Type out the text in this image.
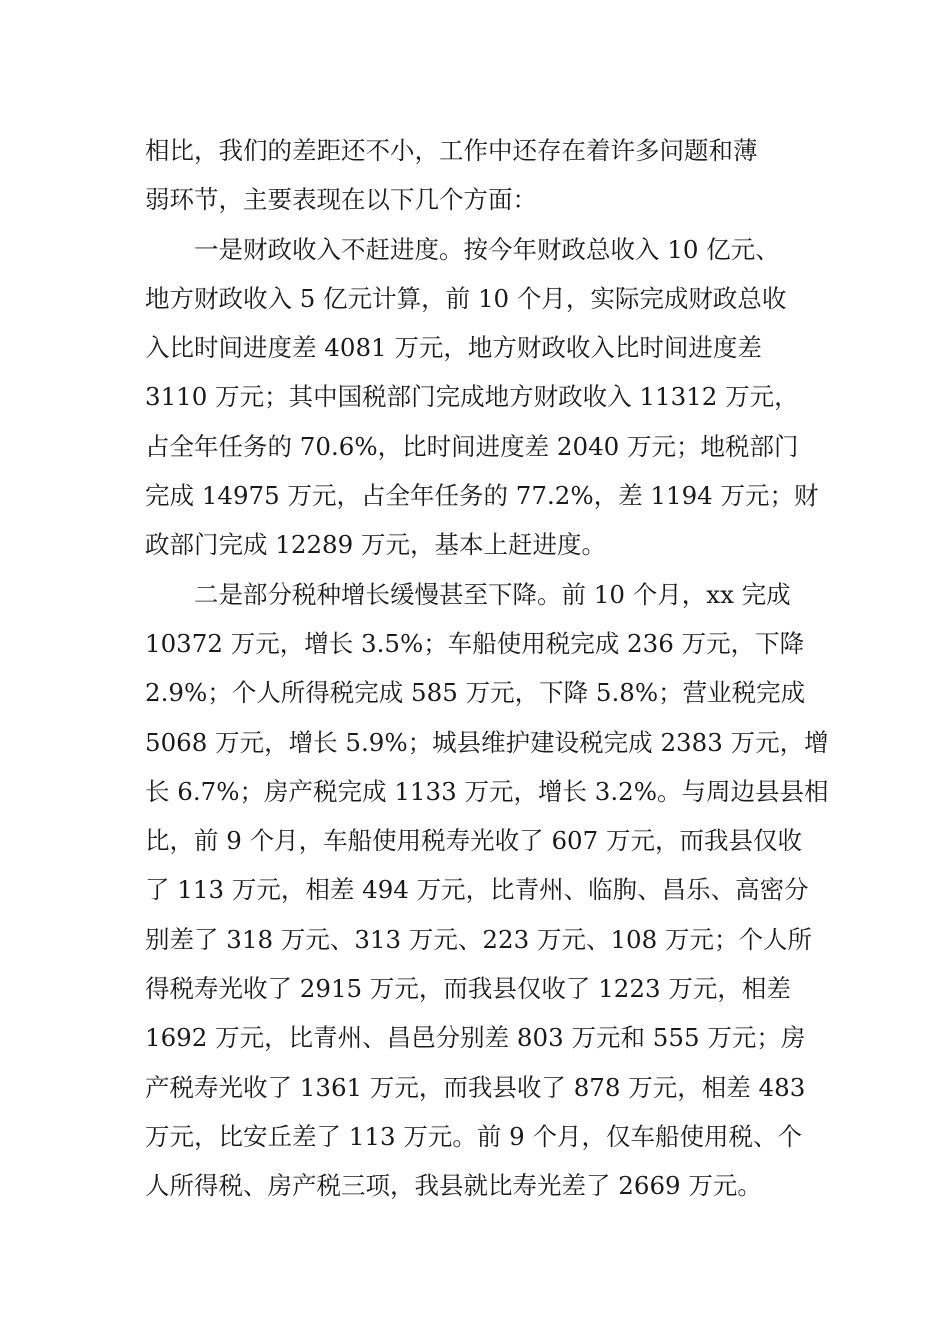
相比，我们的差距还不小，工作中还存在着许多问题和薄
弱环节，主要表现在以下几个方面：
一是财政收入不赶进度。按今年财政总收入 10 亿元、
地方财政收入 5 亿元计算，前 10 个月，实际完成财政总收
入比时间进度差 4081 万元，地方财政收入比时间进度差
3110 万元；其中国税部门完成地方财政收入 11312 万元，
占全年任务的 70.6%，比时间进度差 2040 万元；地税部门
完成 14975 万元，占全年任务的 77.2%，差 1194 万元；财
政部门完成 12289 万元，基本上赶进度。
二是部分税种增长缓慢甚至下降。前 10 个月，xx 完成
10372 万元，增长 3.5%；车船使用税完成 236 万元，下降
2.9%；个人所得税完成 585 万元，下降 5.8%；营业税完成
5068 万元，增长 5.9%；城县维护建设税完成 2383 万元，增
长 6.7%；房产税完成 1133 万元，增长 3.2%。与周边县县相
比，前 9 个月，车船使用税寿光收了 607 万元，而我县仅收
了 113 万元，相差 494 万元，比青州、临朐、昌乐、高密分
别差了 318 万元、313 万元、223 万元、108 万元；个人所
得税寿光收了 2915 万元，而我县仅收了 1223 万元，相差
1692 万元，比青州、昌邑分别差 803 万元和 555 万元；房
产税寿光收了 1361 万元，而我县收了 878 万元，相差 483
万元，比安丘差了 113 万元。前 9 个月，仅车船使用税、个
人所得税、房产税三项，我县就比寿光差了 2669 万元。
